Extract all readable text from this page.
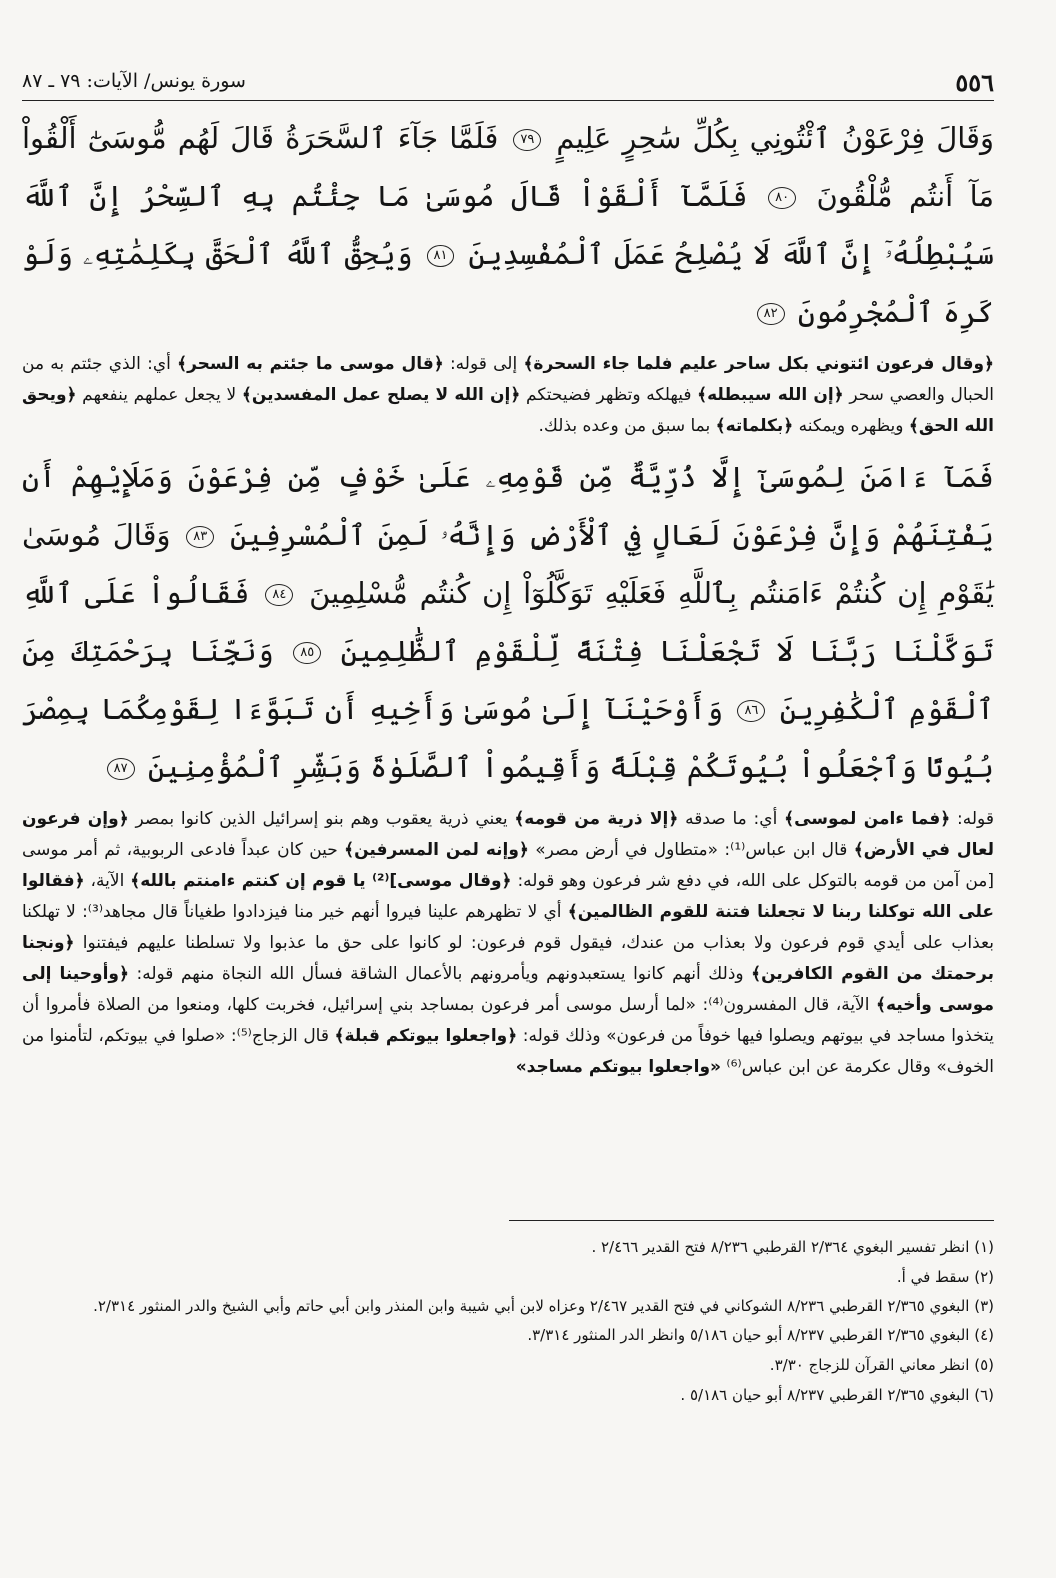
٥٥٦
سورة يونس/ الآيات: ٧٩ ـ ٨٧
وَقَالَ فِرْعَوْنُ ٱئْتُونِي بِكُلِّ سَٰحِرٍ عَلِيمٍ ٧٩ فَلَمَّا جَآءَ ٱلسَّحَرَةُ قَالَ لَهُم مُّوسَىٰٓ أَلْقُواْ مَآ أَنتُم مُّلْقُونَ ٨٠ فَلَمَّآ أَلْقَوْاْ قَالَ مُوسَىٰ مَا جِئْتُم بِهِ ٱلسِّحْرُ إِنَّ ٱللَّهَ سَيُبْطِلُهُۥٓ إِنَّ ٱللَّهَ لَا يُصْلِحُ عَمَلَ ٱلْمُفْسِدِينَ ٨١ وَيُحِقُّ ٱللَّهُ ٱلْحَقَّ بِكَلِمَٰتِهِۦ وَلَوْ كَرِهَ ٱلْمُجْرِمُونَ ٨٢

﴿وقال فرعون ائتوني بكل ساحر عليم فلما جاء السحرة﴾ إلى قوله: ﴿قال موسى ما جئتم به السحر﴾ أي: الذي جئتم به من الحبال والعصي سحر ﴿إن الله سيبطله﴾ فيهلكه وتظهر فضيحتكم ﴿إن الله لا يصلح عمل المفسدين﴾ لا يجعل عملهم ينفعهم ﴿ويحق الله الحق﴾ ويظهره ويمكنه ﴿بكلماته﴾ بما سبق من وعده بذلك.

فَمَآ ءَامَنَ لِمُوسَىٰٓ إِلَّا ذُرِّيَّةٌ مِّن قَوْمِهِۦ عَلَىٰ خَوْفٍ مِّن فِرْعَوْنَ وَمَلَإِيْهِمْ أَن يَفْتِنَهُمْ وَإِنَّ فِرْعَوْنَ لَعَالٍ فِي ٱلْأَرْضِ وَإِنَّهُۥ لَمِنَ ٱلْمُسْرِفِينَ ٨٣ وَقَالَ مُوسَىٰ يَٰقَوْمِ إِن كُنتُمْ ءَامَنتُم بِٱللَّهِ فَعَلَيْهِ تَوَكَّلُوٓاْ إِن كُنتُم مُّسْلِمِينَ ٨٤ فَقَالُواْ عَلَى ٱللَّهِ تَوَكَّلْنَا رَبَّنَا لَا تَجْعَلْنَا فِتْنَةً لِّلْقَوْمِ ٱلظَّٰلِمِينَ ٨٥ وَنَجِّنَا بِرَحْمَتِكَ مِنَ ٱلْقَوْمِ ٱلْكَٰفِرِينَ ٨٦ وَأَوْحَيْنَآ إِلَىٰ مُوسَىٰ وَأَخِيهِ أَن تَبَوَّءَا لِقَوْمِكُمَا بِمِصْرَ بُيُوتًا وَٱجْعَلُواْ بُيُوتَكُمْ قِبْلَةً وَأَقِيمُواْ ٱلصَّلَوٰةَ وَبَشِّرِ ٱلْمُؤْمِنِينَ ٨٧

قوله: ﴿فما ءامن لموسى﴾ أي: ما صدقه ﴿إلا ذرية من قومه﴾ يعني ذرية يعقوب وهم بنو إسرائيل الذين كانوا بمصر ﴿وإن فرعون لعال في الأرض﴾ قال ابن عباس⁽¹⁾: «متطاول في أرض مصر» ﴿وإنه لمن المسرفين﴾ حين كان عبداً فادعى الربوبية، ثم أمر موسى [من آمن من قومه بالتوكل على الله، في دفع شر فرعون وهو قوله: ﴿وقال موسى]⁽²⁾ يا قوم إن كنتم ءامنتم بالله﴾ الآية، ﴿فقالوا على الله توكلنا ربنا لا تجعلنا فتنة للقوم الظالمين﴾ أي لا تظهرهم علينا فيروا أنهم خير منا فيزدادوا طغياناً قال مجاهد⁽³⁾: لا تهلكنا بعذاب على أيدي قوم فرعون ولا بعذاب من عندك، فيقول قوم فرعون: لو كانوا على حق ما عذبوا ولا تسلطنا عليهم فيفتنوا ﴿ونجنا برحمتك من القوم الكافرين﴾ وذلك أنهم كانوا يستعبدونهم ويأمرونهم بالأعمال الشاقة فسأل الله النجاة منهم قوله: ﴿وأوحينا إلى موسى وأخيه﴾ الآية، قال المفسرون⁽⁴⁾: «لما أرسل موسى أمر فرعون بمساجد بني إسرائيل، فخربت كلها، ومنعوا من الصلاة فأمروا أن يتخذوا مساجد في بيوتهم ويصلوا فيها خوفاً من فرعون» وذلك قوله: ﴿واجعلوا بيوتكم قبلة﴾ قال الزجاج⁽⁵⁾: «صلوا في بيوتكم، لتأمنوا من الخوف» وقال عكرمة عن ابن عباس⁽⁶⁾ «واجعلوا بيوتكم مساجد»

(١) انظر تفسير البغوي ٢/٣٦٤ القرطبي ٨/٢٣٦ فتح القدير ٢/٤٦٦ .
(٢) سقط في أ.
(٣) البغوي ٢/٣٦٥ القرطبي ٨/٢٣٦ الشوكاني في فتح القدير ٢/٤٦٧ وعزاه لابن أبي شيبة وابن المنذر وابن أبي حاتم وأبي الشيخ والدر المنثور ٢/٣١٤.
(٤) البغوي ٢/٣٦٥ القرطبي ٨/٢٣٧ أبو حيان ٥/١٨٦ وانظر الدر المنثور ٣/٣١٤.
(٥) انظر معاني القرآن للزجاج ٣/٣٠.
(٦) البغوي ٢/٣٦٥ القرطبي ٨/٢٣٧ أبو حيان ٥/١٨٦ .
